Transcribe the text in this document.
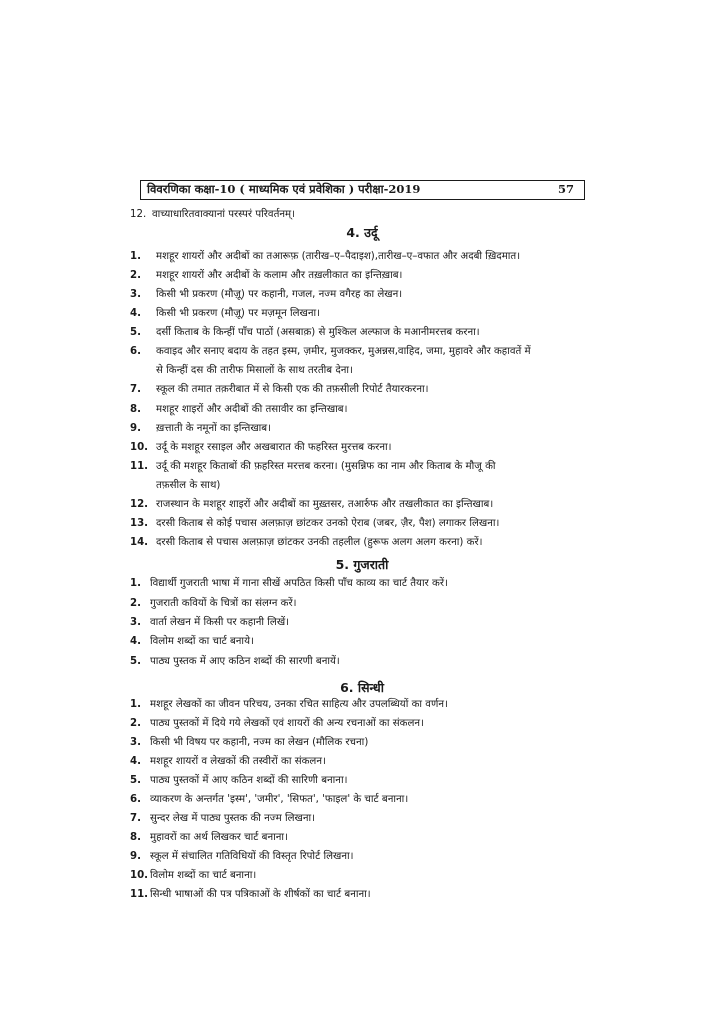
विवरणिका कक्षा-10 ( माध्यमिक एवं प्रवेशिका ) परीक्षा-2019	57
12. वाच्याधारितवाक्यानां परस्परं परिवर्तनम्।
4. उर्दू
1. मशहूर शायरों और अदीबों का तआरूफ़ (तारीख–ए–पैदाइश),तारीख–ए–वफात और अदबी ख़िदमात।
2. मशहूर शायरों और अदीबों के कलाम और तख़लीकात का इन्तिख़ाब।
3. किसी भी प्रकरण (मौज़ू) पर कहानी, गजल, नज्म वगैरह का लेखन।
4. किसी भी प्रकरण (मौज़ू) पर मज़मून लिखना।
5. दर्सी किताब के किन्हीं पाँच पाठों (असबाक़) से मुश्किल अल्फाज के मआनीमरत्तब करना।
6. कवाइद और सनाए बदाय के तहत इस्म, ज़मीर, मुजक्कर, मुअन्नस,वाहिद, जमा, मुहावरे और कहावतें में
से किन्हीं दस की तारीफ मिसालों के साथ तरतीब देना।
7. स्कूल की तमात तक़रीबात में से किसी एक की तफ़सीली रिपोर्ट तैयारकरना।
8. मशहूर शाइरों और अदीबों की तसावीर का इन्तिखाब।
9. ख़त्ताती के नमूनों का इन्तिखाब।
10. उर्दू के मशहूर रसाइल और अखबारात की फहरिस्त मुरत्तब करना।
11. उर्दू की मशहूर किताबों की फ़हरिस्त मरत्तब करना। (मुसन्निफ का नाम और किताब के मौजू की
तफ़सील के साथ)
12. राजस्थान के मशहूर शाइरों और अदीबों का मुख़्तसर, तआर्रुफ और तखलीकात का इन्तिखाब।
13. दरसी किताब से कोई पचास अलफ़ाज़ छांटकर उनको ऐराब (जबर, ज़ैर, पैश) लगाकर लिखना।
14. दरसी किताब से पचास अलफ़ाज़ छांटकर उनकी तहलील (हुरूफ अलग अलग करना) करें।
5. गुजराती
1. विद्यार्थी गुजराती भाषा में गाना सीखें अपठित किसी पाँच काव्य का चार्ट तैयार करें।
2. गुजराती कवियों के चित्रों का संलग्न करें।
3. वार्ता लेखन में किसी पर कहानी लिखें।
4. विलोम शब्दों का चार्ट बनाये।
5. पाठ्य पुस्तक में आए कठिन शब्दों की सारणी बनायें।
6. सिन्धी
1. मशहूर लेखकों का जीवन परिचय, उनका रचित साहित्य और उपलब्धियों का वर्णन।
2. पाठ्य पुस्तकों में दिये गये लेखकों एवं शायरों की अन्य रचनाओं का संकलन।
3. किसी भी विषय पर कहानी, नज्म का लेखन (मौलिक रचना)
4. मशहूर शायरों व लेखकों की तस्वीरों का संकलन।
5. पाठ्य पुस्तकों में आए कठिन शब्दों की सारिणी बनाना।
6. व्याकरण के अन्तर्गत 'इस्म', 'जमीर', 'सिफत', 'फाइल' के चार्ट बनाना।
7. सुन्दर लेख में पाठ्य पुस्तक की नज्म लिखना।
8. मुहावरों का अर्थ लिखकर चार्ट बनाना।
9. स्कूल में संचालित गतिविधियों की विस्तृत रिपोर्ट लिखना।
10. विलोम शब्दों का चार्ट बनाना।
11. सिन्धी भाषाओं की पत्र पत्रिकाओं के शीर्षकों का चार्ट बनाना।
